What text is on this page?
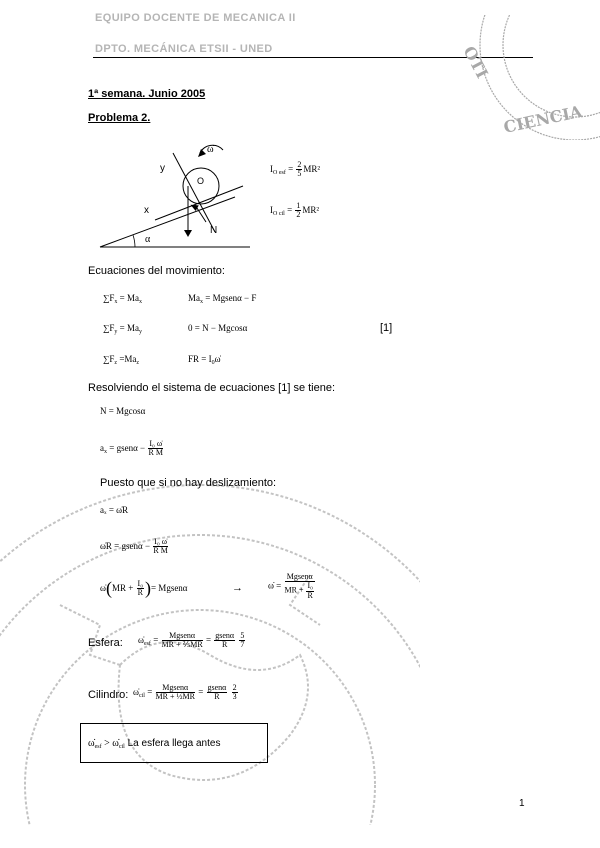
EQUIPO DOCENTE DE MECANICA II
DPTO. MECÁNICA ETSII - UNED
CIENCIA
OTI
1ª semana. Junio 2005
Problema 2.
ω̇
y
x
α
N
O
$I_{O esf} = \frac{2}{5} MR^2$
$I_{O cil} = \frac{1}{2} MR^2$
Ecuaciones del movimiento:
$\sum F_x = Ma_x$	$Ma_x$ = Mgsenα − F
$\sum F_y = Ma_y$	0 = N − Mgcosα	[1]
$\sum F_z =Ma_z$	FR = $I_0\omegȧ$
Resolviendo el sistema de ecuaciones [1] se tiene:
N = Mgcosα
$a_x$ = gsenα − $\frac{\text{I₀ ω̇}}{\text{R M}}$
Puesto que si no hay deslizamiento:
aₓ = ω̇R
ω̇R = gsenα − $\frac{\text{I₀ ω̇}}{\text{R M}}$
ω̇(MR + $\frac{\text{I₀}}{R}$ )= Mgsenα	→	ω̇ = $\frac{\text{Mgsenα}}{MR + \frac{\text{I₀}}{R}}$
Esfera: $\omegȧ_{esf} = \frac{\text{Mgsenα}}{\text{MR + ⅖MR}} = \frac{\text{gsenα}}{R}$
$\frac{5}{7}$
Cilindro: $\omegȧ_{cil} = \frac{\text{Mgsenα}}{\text{MR + ½MR}} = \frac{\text{gsenα}}{R}$
$\frac{2}{3}$
$\omegȧ_{esf}$ > $\omegȧ_{cil}$ La esfera llega antes
1
